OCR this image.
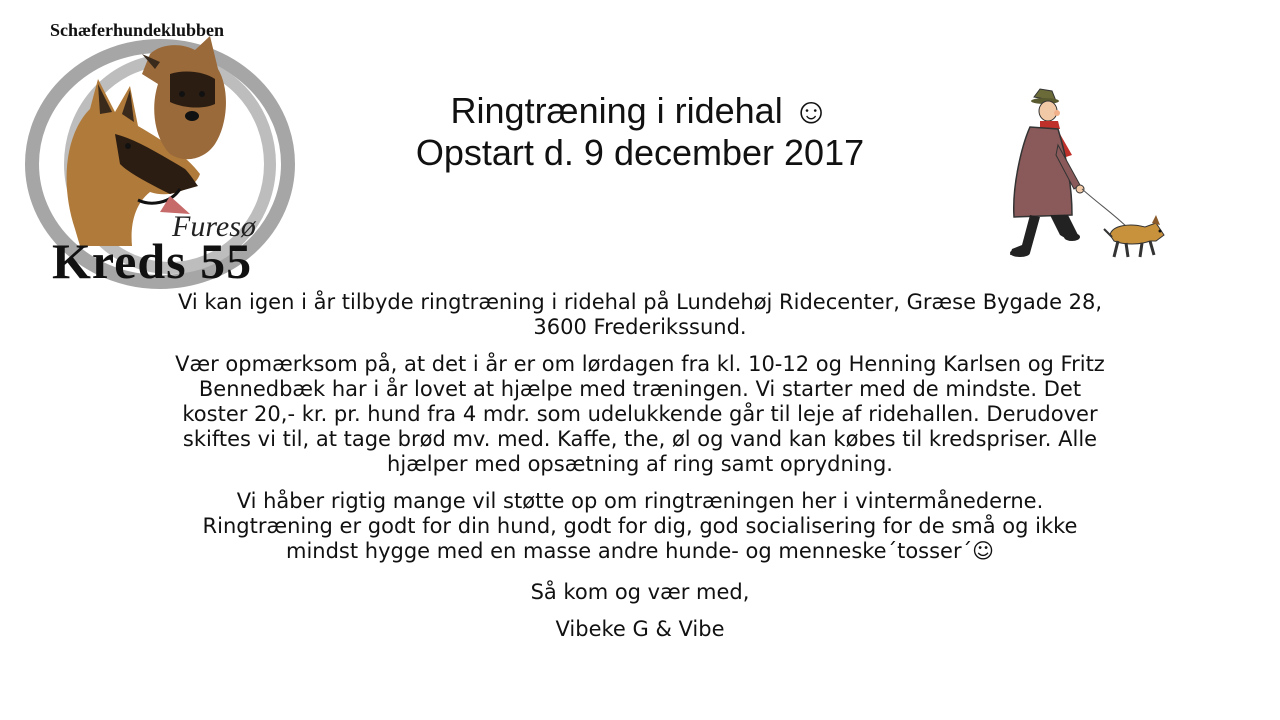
Schæferhundeklubben
Furesø
Kreds 55
Ringtræning i ridehal ☺
Opstart d. 9 december 2017

Vi kan igen i år tilbyde ringtræning i ridehal på Lundehøj Ridecenter, Græse Bygade 28, 3600 Frederikssund.

Vær opmærksom på, at det i år er om lørdagen fra kl. 10-12 og Henning Karlsen og Fritz Bennedbæk har i år lovet at hjælpe med træningen. Vi starter med de mindste. Det koster 20,- kr. pr. hund fra 4 mdr. som udelukkende går til leje af ridehallen. Derudover skiftes vi til, at tage brød mv. med. Kaffe, the, øl og vand kan købes til kredspriser. Alle hjælper med opsætning af ring samt oprydning.

Vi håber rigtig mange vil støtte op om ringtræningen her i vintermånederne. Ringtræning er godt for din hund, godt for dig, god socialisering for de små og ikke mindst hygge med en masse andre hunde- og menneske´tosser´☺

Så kom og vær med,

Vibeke G & Vibe
